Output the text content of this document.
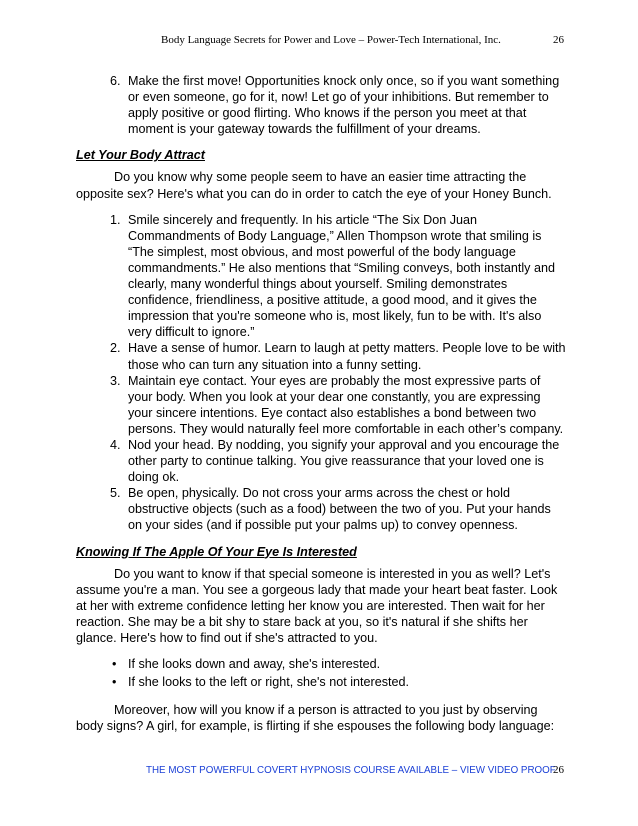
Body Language Secrets for Power and Love – Power-Tech International, Inc.	26
6. Make the first move! Opportunities knock only once, so if you want something or even someone, go for it, now! Let go of your inhibitions. But remember to apply positive or good flirting. Who knows if the person you meet at that moment is your gateway towards the fulfillment of your dreams.
Let Your Body Attract

Do you know why some people seem to have an easier time attracting the opposite sex? Here's what you can do in order to catch the eye of your Honey Bunch.

1. Smile sincerely and frequently. In his article “The Six Don Juan Commandments of Body Language,” Allen Thompson wrote that smiling is “The simplest, most obvious, and most powerful of the body language commandments.” He also mentions that “Smiling conveys, both instantly and clearly, many wonderful things about yourself. Smiling demonstrates confidence, friendliness, a positive attitude, a good mood, and it gives the impression that you're someone who is, most likely, fun to be with. It's also very difficult to ignore.”
2. Have a sense of humor. Learn to laugh at petty matters. People love to be with those who can turn any situation into a funny setting.
3. Maintain eye contact. Your eyes are probably the most expressive parts of your body. When you look at your dear one constantly, you are expressing your sincere intentions. Eye contact also establishes a bond between two persons. They would naturally feel more comfortable in each other’s company.
4. Nod your head. By nodding, you signify your approval and you encourage the other party to continue talking. You give reassurance that your loved one is doing ok.
5. Be open, physically. Do not cross your arms across the chest or hold obstructive objects (such as a food) between the two of you. Put your hands on your sides (and if possible put your palms up) to convey openness.
Knowing If The Apple Of Your Eye Is Interested

Do you want to know if that special someone is interested in you as well? Let's assume you're a man. You see a gorgeous lady that made your heart beat faster. Look at her with extreme confidence letting her know you are interested. Then wait for her reaction. She may be a bit shy to stare back at you, so it's natural if she shifts her glance. Here's how to find out if she's attracted to you.

• If she looks down and away, she's interested.
• If she looks to the left or right, she's not interested.

Moreover, how will you know if a person is attracted to you just by observing body signs? A girl, for example, is flirting if she espouses the following body language:

THE MOST POWERFUL COVERT HYPNOSIS COURSE AVAILABLE – VIEW VIDEO PROOF
26
